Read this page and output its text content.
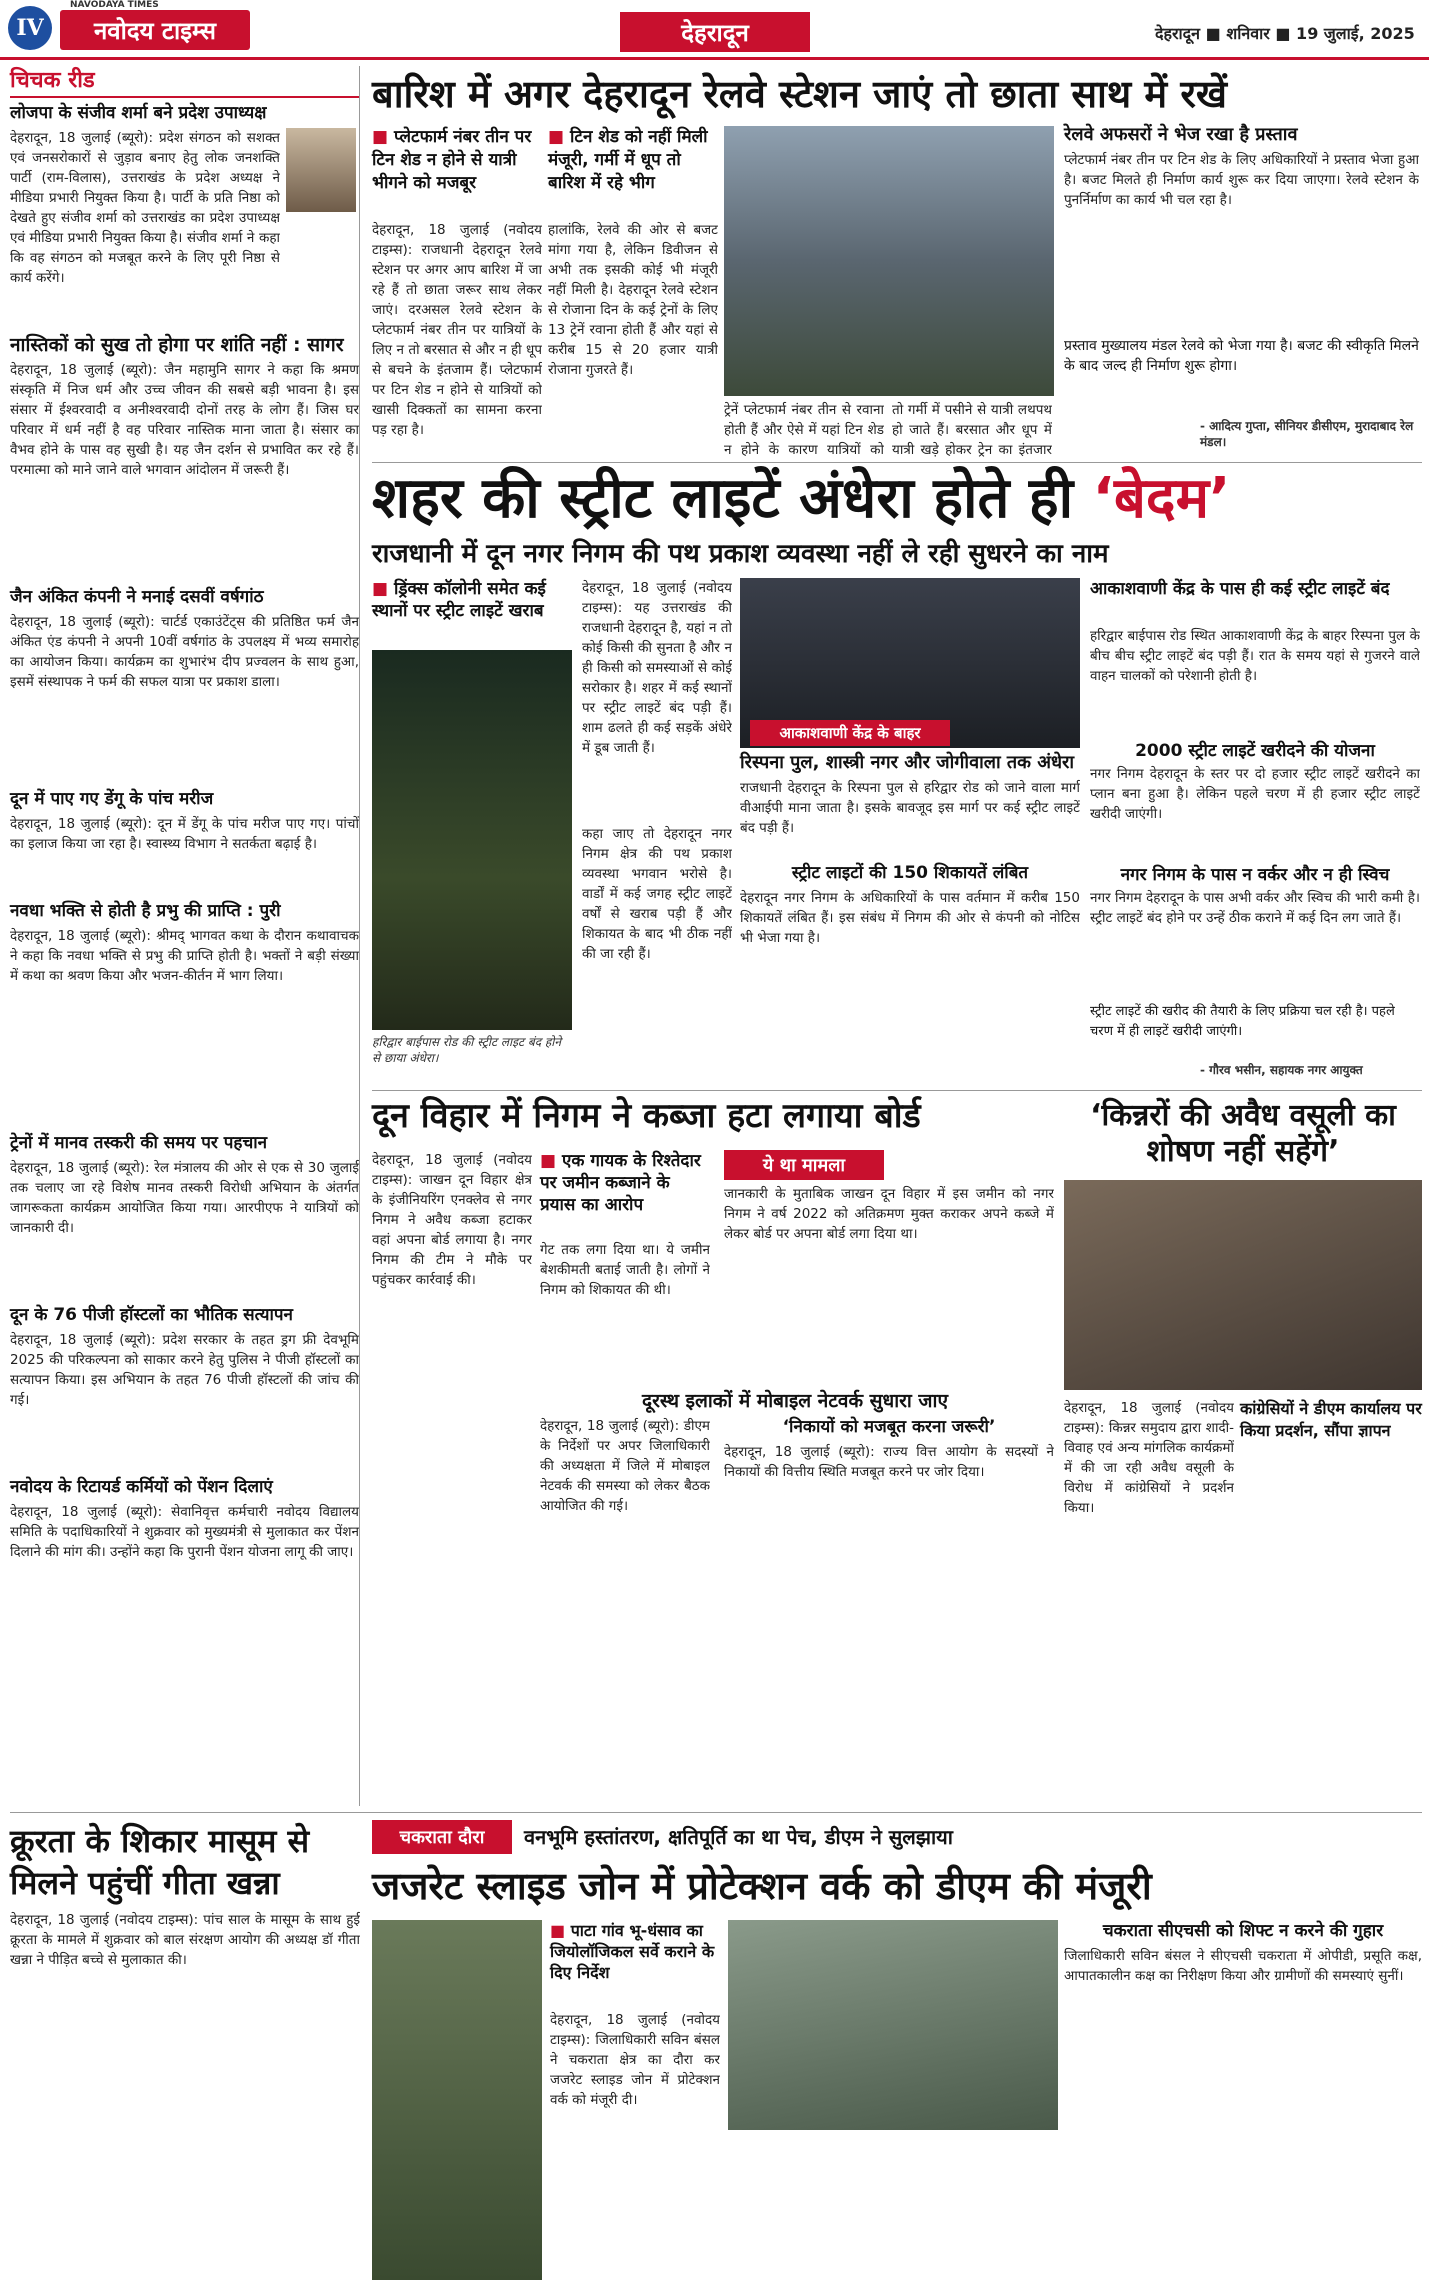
IV
NAVODAYA TIMES
नवोदय टाइम्स	देहरादून	देहरादून ■ शनिवार ■ 19 जुलाई, 2025
चिचक रीड
लोजपा के संजीव शर्मा बने प्रदेश उपाध्यक्ष
देहरादून, 18 जुलाई (ब्यूरो): प्रदेश संगठन को सशक्त एवं जनसरोकारों से जुड़ाव बनाए हेतु लोक जनशक्ति पार्टी (राम-विलास), उत्तराखंड के प्रदेश अध्यक्ष ने मीडिया प्रभारी नियुक्त किया है। पार्टी के प्रति निष्ठा को देखते हुए संजीव शर्मा को उत्तराखंड का प्रदेश उपाध्यक्ष एवं मीडिया प्रभारी नियुक्त किया है। संजीव शर्मा ने कहा कि वह संगठन को मजबूत करने के लिए पूरी निष्ठा से कार्य करेंगे।
नास्तिकों को सुख तो होगा पर शांति नहीं : सागर
देहरादून, 18 जुलाई (ब्यूरो): जैन महामुनि सागर ने कहा कि श्रमण संस्कृति में निज धर्म और उच्च जीवन की सबसे बड़ी भावना है। इस संसार में ईश्वरवादी व अनीश्वरवादी दोनों तरह के लोग हैं। जिस घर परिवार में धर्म नहीं है वह परिवार नास्तिक माना जाता है। संसार का वैभव होने के पास वह सुखी है। यह जैन दर्शन से प्रभावित कर रहे हैं। परमात्मा को माने जाने वाले भगवान आंदोलन में जरूरी हैं।
जैन अंकित कंपनी ने मनाई दसवीं वर्षगांठ
देहरादून, 18 जुलाई (ब्यूरो): चार्टर्ड एकाउंटेंट्स की प्रतिष्ठित फर्म जैन अंकित एंड कंपनी ने अपनी 10वीं वर्षगांठ के उपलक्ष्य में भव्य समारोह का आयोजन किया। कार्यक्रम का शुभारंभ दीप प्रज्वलन के साथ हुआ, इसमें संस्थापक ने फर्म की सफल यात्रा पर प्रकाश डाला।
दून में पाए गए डेंगू के पांच मरीज
देहरादून, 18 जुलाई (ब्यूरो): दून में डेंगू के पांच मरीज पाए गए। पांचों का इलाज किया जा रहा है। स्वास्थ्य विभाग ने सतर्कता बढ़ाई है।
नवधा भक्ति से होती है प्रभु की प्राप्ति : पुरी
देहरादून, 18 जुलाई (ब्यूरो): श्रीमद् भागवत कथा के दौरान कथावाचक ने कहा कि नवधा भक्ति से प्रभु की प्राप्ति होती है। भक्तों ने बड़ी संख्या में कथा का श्रवण किया और भजन-कीर्तन में भाग लिया।
ट्रेनों में मानव तस्करी की समय पर पहचान
देहरादून, 18 जुलाई (ब्यूरो): रेल मंत्रालय की ओर से एक से 30 जुलाई तक चलाए जा रहे विशेष मानव तस्करी विरोधी अभियान के अंतर्गत जागरूकता कार्यक्रम आयोजित किया गया। आरपीएफ ने यात्रियों को जानकारी दी।
दून के 76 पीजी हॉस्टलों का भौतिक सत्यापन
देहरादून, 18 जुलाई (ब्यूरो): प्रदेश सरकार के तहत ड्रग फ्री देवभूमि 2025 की परिकल्पना को साकार करने हेतु पुलिस ने पीजी हॉस्टलों का सत्यापन किया। इस अभियान के तहत 76 पीजी हॉस्टलों की जांच की गई।
नवोदय के रिटायर्ड कर्मियों को पेंशन दिलाएं
देहरादून, 18 जुलाई (ब्यूरो): सेवानिवृत्त कर्मचारी नवोदय विद्यालय समिति के पदाधिकारियों ने शुक्रवार को मुख्यमंत्री से मुलाकात कर पेंशन दिलाने की मांग की। उन्होंने कहा कि पुरानी पेंशन योजना लागू की जाए।
बारिश में अगर देहरादून रेलवे स्टेशन जाएं तो छाता साथ में रखें
■ प्लेटफार्म नंबर तीन पर टिन शेड न होने से यात्री भीगने को मजबूर
■ टिन शेड को नहीं मिली मंजूरी, गर्मी में धूप तो बारिश में रहे भीग
देहरादून, 18 जुलाई (नवोदय टाइम्स): राजधानी देहरादून रेलवे स्टेशन पर अगर आप बारिश में जा रहे हैं तो छाता जरूर साथ लेकर जाएं। दरअसल रेलवे स्टेशन के प्लेटफार्म नंबर तीन पर यात्रियों के लिए न तो बरसात से और न ही धूप से बचने के इंतजाम हैं। प्लेटफार्म पर टिन शेड न होने से यात्रियों को खासी दिक्कतों का सामना करना पड़ रहा है।
हालांकि, रेलवे की ओर से बजट मांगा गया है, लेकिन डिवीजन से अभी तक इसकी कोई भी मंजूरी नहीं मिली है। देहरादून रेलवे स्टेशन से रोजाना दिन के कई ट्रेनों के लिए 13 ट्रेनें रवाना होती हैं और यहां से करीब 15 से 20 हजार यात्री रोजाना गुजरते हैं।
ट्रेनें प्लेटफार्म नंबर तीन से रवाना होती हैं और ऐसे में यहां टिन शेड न होने के कारण यात्रियों को
तो गर्मी में पसीने से यात्री लथपथ हो जाते हैं। बरसात और धूप में यात्री खड़े होकर ट्रेन का इंतजार
रेलवे अफसरों ने भेज रखा है प्रस्ताव
प्लेटफार्म नंबर तीन पर टिन शेड के लिए अधिकारियों ने प्रस्ताव भेजा हुआ है। बजट मिलते ही निर्माण कार्य शुरू कर दिया जाएगा। रेलवे स्टेशन के पुनर्निर्माण का कार्य भी चल रहा है।
प्रस्ताव मुख्यालय मंडल रेलवे को भेजा गया है। बजट की स्वीकृति मिलने के बाद जल्द ही निर्माण शुरू होगा।
- आदित्य गुप्ता, सीनियर डीसीएम, मुरादाबाद रेल मंडल।
शहर की स्ट्रीट लाइटें अंधेरा होते ही ‘बेदम’
राजधानी में दून नगर निगम की पथ प्रकाश व्यवस्था नहीं ले रही सुधरने का नाम
■ ड्रिंक्स कॉलोनी समेत कई स्थानों पर स्ट्रीट लाइटें खराब
हरिद्वार बाईपास रोड की स्ट्रीट लाइट बंद होने से छाया अंधेरा।
देहरादून, 18 जुलाई (नवोदय टाइम्स): यह उत्तराखंड की राजधानी देहरादून है, यहां न तो कोई किसी की सुनता है और न ही किसी को समस्याओं से कोई सरोकार है। शहर में कई स्थानों पर स्ट्रीट लाइटें बंद पड़ी हैं। शाम ढलते ही कई सड़कें अंधेरे में डूब जाती हैं।
कहा जाए तो देहरादून नगर निगम क्षेत्र की पथ प्रकाश व्यवस्था भगवान भरोसे है। वार्डों में कई जगह स्ट्रीट लाइटें वर्षों से खराब पड़ी हैं और शिकायत के बाद भी ठीक नहीं की जा रही हैं।
आकाशवाणी केंद्र के बाहर
रिस्पना पुल, शास्त्री नगर और जोगीवाला तक अंधेरा
राजधानी देहरादून के रिस्पना पुल से हरिद्वार रोड को जाने वाला मार्ग वीआईपी माना जाता है। इसके बावजूद इस मार्ग पर कई स्ट्रीट लाइटें बंद पड़ी हैं।
स्ट्रीट लाइटों की 150 शिकायतें लंबित
देहरादून नगर निगम के अधिकारियों के पास वर्तमान में करीब 150 शिकायतें लंबित हैं। इस संबंध में निगम की ओर से कंपनी को नोटिस भी भेजा गया है।
आकाशवाणी केंद्र के पास ही कई स्ट्रीट लाइटें बंद
हरिद्वार बाईपास रोड स्थित आकाशवाणी केंद्र के बाहर रिस्पना पुल के बीच बीच स्ट्रीट लाइटें बंद पड़ी हैं। रात के समय यहां से गुजरने वाले वाहन चालकों को परेशानी होती है।
2000 स्ट्रीट लाइटें खरीदने की योजना
नगर निगम देहरादून के स्तर पर दो हजार स्ट्रीट लाइटें खरीदने का प्लान बना हुआ है। लेकिन पहले चरण में ही हजार स्ट्रीट लाइटें खरीदी जाएंगी।
नगर निगम के पास न वर्कर और न ही स्विच
नगर निगम देहरादून के पास अभी वर्कर और स्विच की भारी कमी है। स्ट्रीट लाइटें बंद होने पर उन्हें ठीक कराने में कई दिन लग जाते हैं।
स्ट्रीट लाइटें की खरीद की तैयारी के लिए प्रक्रिया चल रही है। पहले चरण में ही लाइटें खरीदी जाएंगी।
- गौरव भसीन, सहायक नगर आयुक्त
दून विहार में निगम ने कब्जा हटा लगाया बोर्ड
देहरादून, 18 जुलाई (नवोदय टाइम्स): जाखन दून विहार क्षेत्र के इंजीनियरिंग एनक्लेव से नगर निगम ने अवैध कब्जा हटाकर वहां अपना बोर्ड लगाया है। नगर निगम की टीम ने मौके पर पहुंचकर कार्रवाई की।
■ एक गायक के रिश्तेदार पर जमीन कब्जाने के प्रयास का आरोप
गेट तक लगा दिया था। ये जमीन बेशकीमती बताई जाती है। लोगों ने निगम को शिकायत की थी।
ये था मामला
जानकारी के मुताबिक जाखन दून विहार में इस जमीन को नगर निगम ने वर्ष 2022 को अतिक्रमण मुक्त कराकर अपने कब्जे में लेकर बोर्ड पर अपना बोर्ड लगा दिया था।
दूरस्थ इलाकों में मोबाइल नेटवर्क सुधारा जाए
देहरादून, 18 जुलाई (ब्यूरो): डीएम के निर्देशों पर अपर जिलाधिकारी की अध्यक्षता में जिले में मोबाइल नेटवर्क की समस्या को लेकर बैठक आयोजित की गई।
‘निकायों को मजबूत करना जरूरी’
देहरादून, 18 जुलाई (ब्यूरो): राज्य वित्त आयोग के सदस्यों ने निकायों की वित्तीय स्थिति मजबूत करने पर जोर दिया।
‘किन्नरों की अवैध वसूली का शोषण नहीं सहेंगे’
कांग्रेसियों ने डीएम कार्यालय पर किया प्रदर्शन, सौंपा ज्ञापन
देहरादून, 18 जुलाई (नवोदय टाइम्स): किन्नर समुदाय द्वारा शादी-विवाह एवं अन्य मांगलिक कार्यक्रमों में की जा रही अवैध वसूली के विरोध में कांग्रेसियों ने प्रदर्शन किया।
क्रूरता के शिकार मासूम से मिलने पहुंचीं गीता खन्ना
देहरादून, 18 जुलाई (नवोदय टाइम्स): पांच साल के मासूम के साथ हुई क्रूरता के मामले में शुक्रवार को बाल संरक्षण आयोग की अध्यक्ष डॉ गीता खन्ना ने पीड़ित बच्चे से मुलाकात की।
चकराता दौरा	वनभूमि हस्तांतरण, क्षतिपूर्ति का था पेच, डीएम ने सुलझाया
जजरेट स्लाइड जोन में प्रोटेक्शन वर्क को डीएम की मंजूरी
■ पाटा गांव भू-धंसाव का जियोलॉजिकल सर्वे कराने के दिए निर्देश
देहरादून, 18 जुलाई (नवोदय टाइम्स): जिलाधिकारी सविन बंसल ने चकराता क्षेत्र का दौरा कर जजरेट स्लाइड जोन में प्रोटेक्शन वर्क को मंजूरी दी।
चकराता सीएचसी को शिफ्ट न करने की गुहार
जिलाधिकारी सविन बंसल ने सीएचसी चकराता में ओपीडी, प्रसूति कक्ष, आपातकालीन कक्ष का निरीक्षण किया और ग्रामीणों की समस्याएं सुनीं।
